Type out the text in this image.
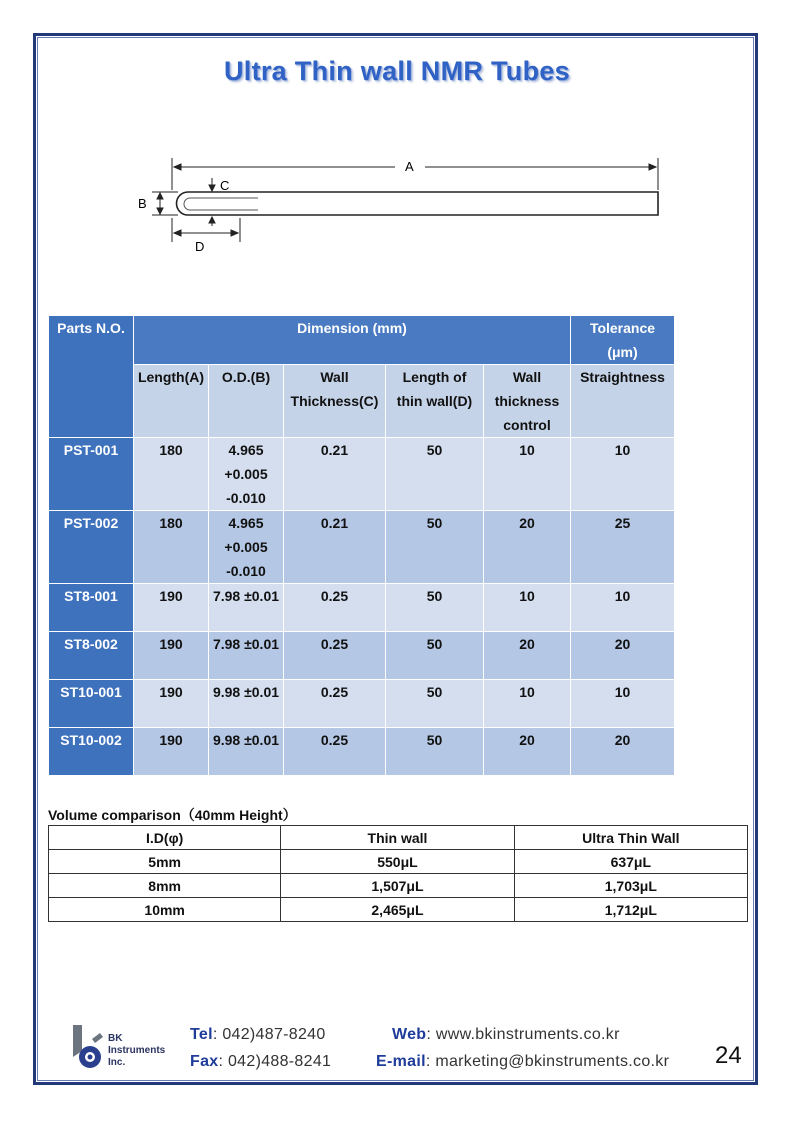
Ultra Thin wall NMR Tubes
A
B
C
D
Parts N.O.	Dimension (mm)					Tolerance (μm)
	Length(A)	O.D.(B)	Wall Thickness(C)	Length of thin wall(D)	Wall thickness control	Straightness
PST-001	180	4.965 +0.005 -0.010	0.21	50	10	10
PST-002	180	4.965 +0.005 -0.010	0.21	50	20	25
ST8-001	190	7.98 ±0.01	0.25	50	10	10
ST8-002	190	7.98 ±0.01	0.25	50	20	20
ST10-001	190	9.98 ±0.01	0.25	50	10	10
ST10-002	190	9.98 ±0.01	0.25	50	20	20
Volume comparison（40mm Height）
I.D(φ)	Thin wall	Ultra Thin Wall
5mm	550μL	637μL
8mm	1,507μL	1,703μL
10mm	2,465μL	1,712μL
BK
Instruments
Inc.
Tel: 042)487-8240
Fax: 042)488-8241
Web: www.bkinstruments.co.kr
E-mail: marketing@bkinstruments.co.kr 24
